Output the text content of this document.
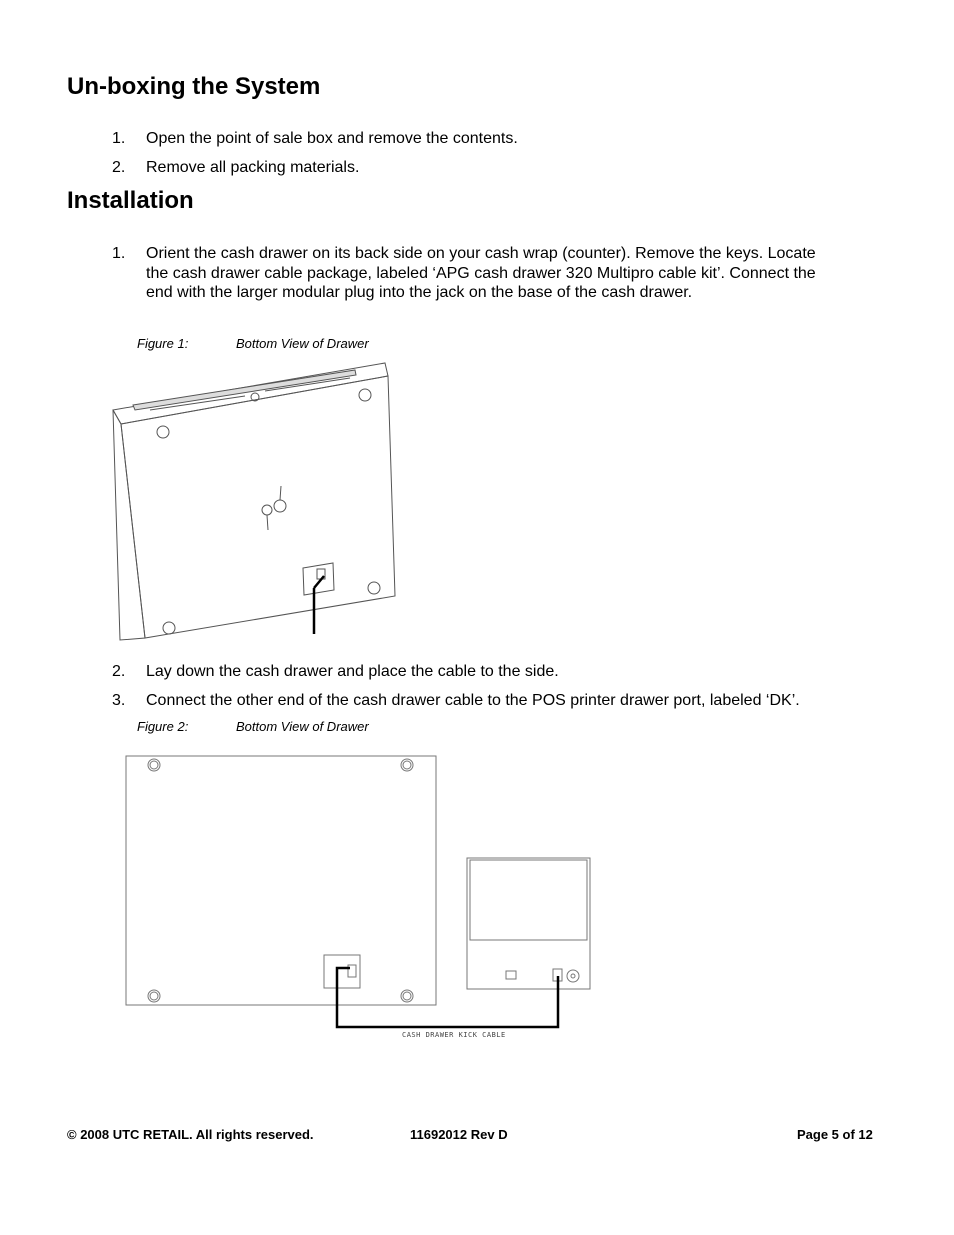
Un-boxing the System
1.	Open the point of sale box and remove the contents.
2.	Remove all packing materials.
Installation
1.	Orient the cash drawer on its back side on your cash wrap (counter). Remove the keys. Locate
the cash drawer cable package, labeled ‘APG cash drawer 320 Multipro cable kit’. Connect the
end with the larger modular plug into the jack on the base of the cash drawer.
Figure 1:	Bottom View of Drawer
2.	Lay down the cash drawer and place the cable to the side.
3.	Connect the other end of the cash drawer cable to the POS printer drawer port, labeled ‘DK’.
Figure 2:	Bottom View of Drawer
CASH DRAWER KICK CABLE
© 2008 UTC RETAIL. All rights reserved.	11692012 Rev D	Page 5 of 12
